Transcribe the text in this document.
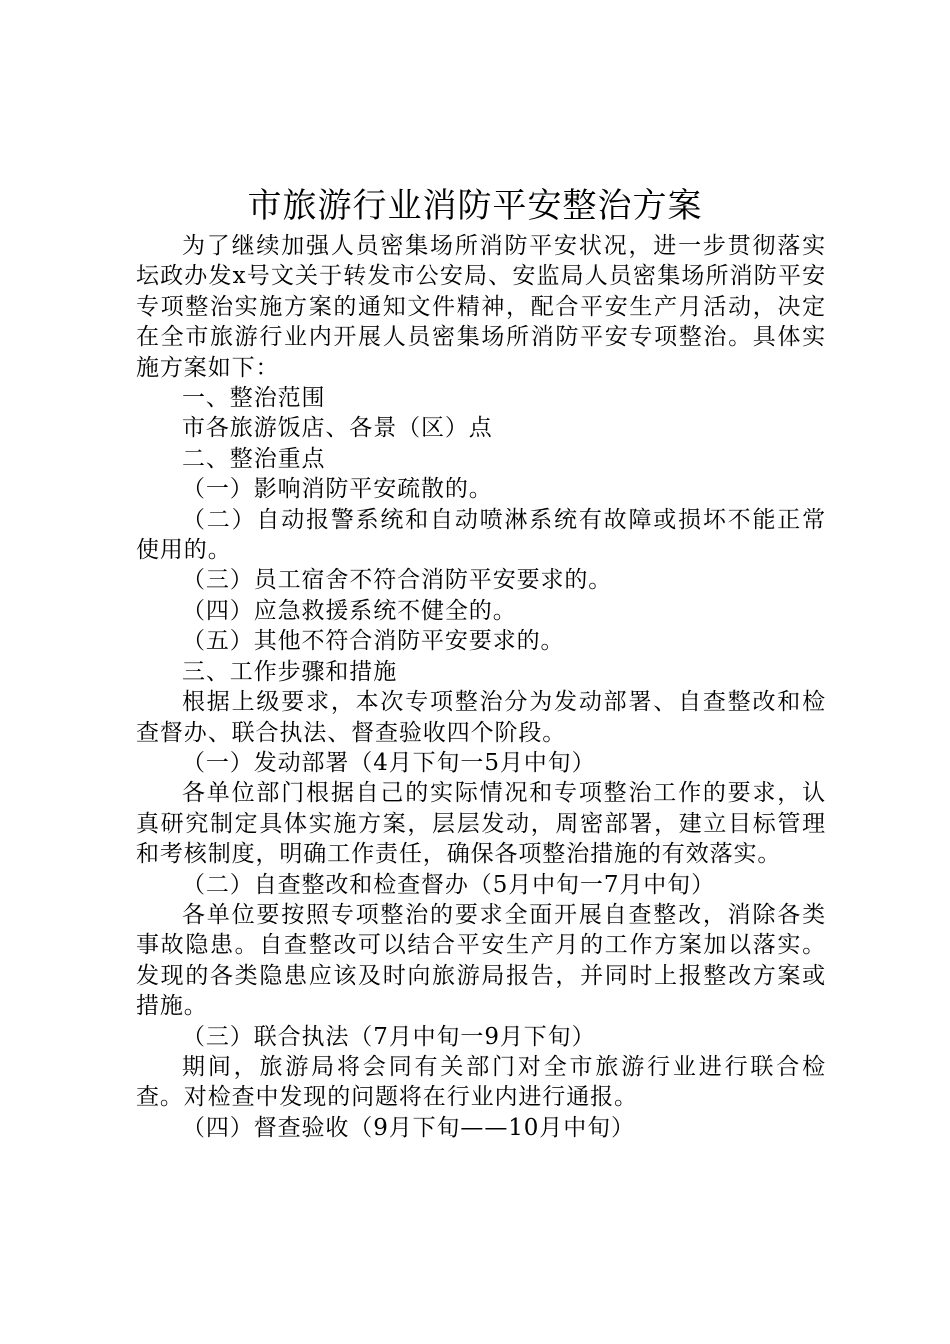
市旅游行业消防平安整治方案

为了继续加强人员密集场所消防平安状况，进一步贯彻落实坛政办发x号文关于转发市公安局、安监局人员密集场所消防平安专项整治实施方案的通知文件精神，配合平安生产月活动，决定在全市旅游行业内开展人员密集场所消防平安专项整治。具体实施方案如下：

一、整治范围

市各旅游饭店、各景（区）点

二、整治重点

（一）影响消防平安疏散的。

（二）自动报警系统和自动喷淋系统有故障或损坏不能正常使用的。

（三）员工宿舍不符合消防平安要求的。

（四）应急救援系统不健全的。

（五）其他不符合消防平安要求的。

三、工作步骤和措施

根据上级要求，本次专项整治分为发动部署、自查整改和检查督办、联合执法、督查验收四个阶段。

（一）发动部署（4月下旬一5月中旬）

各单位部门根据自己的实际情况和专项整治工作的要求，认真研究制定具体实施方案，层层发动，周密部署，建立目标管理和考核制度，明确工作责任，确保各项整治措施的有效落实。

（二）自查整改和检查督办（5月中旬一7月中旬）

各单位要按照专项整治的要求全面开展自查整改，消除各类事故隐患。自查整改可以结合平安生产月的工作方案加以落实。发现的各类隐患应该及时向旅游局报告，并同时上报整改方案或措施。

（三）联合执法（7月中旬一9月下旬）

期间，旅游局将会同有关部门对全市旅游行业进行联合检查。对检查中发现的问题将在行业内进行通报。

（四）督查验收（9月下旬——10月中旬）
